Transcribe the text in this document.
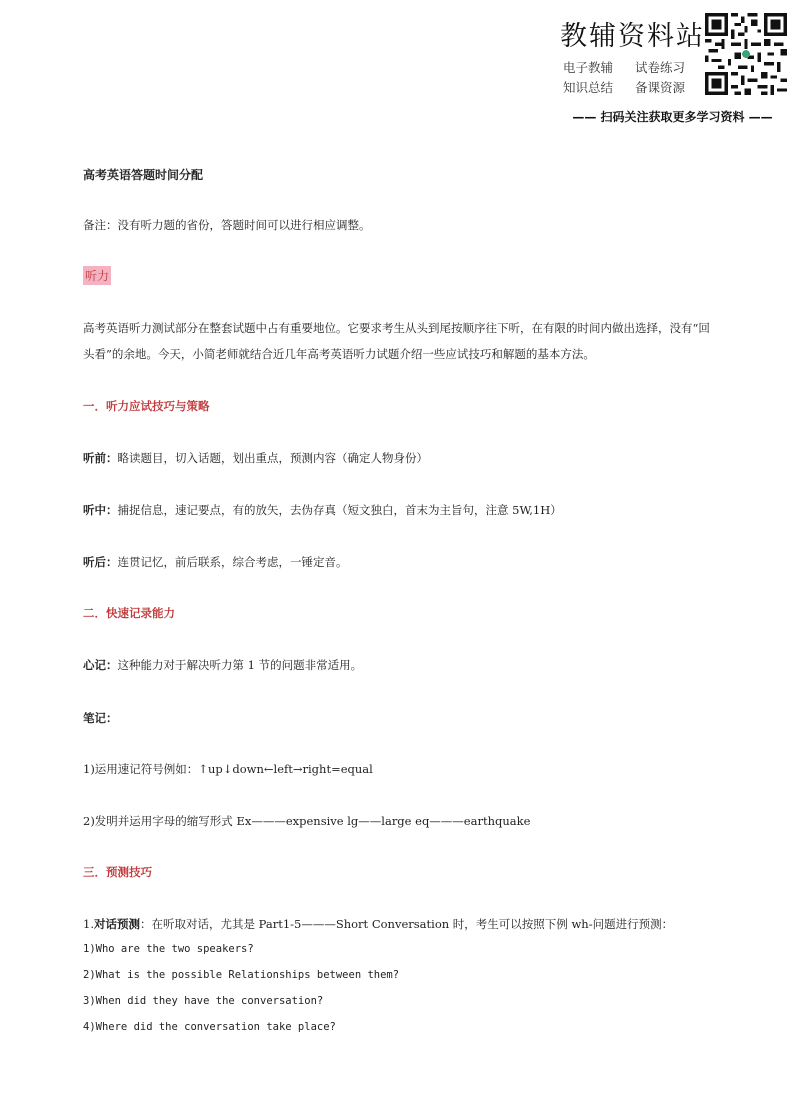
教辅资料站
电子教辅	试卷练习
知识总结	备课资源
—— 扫码关注获取更多学习资料 ——
高考英语答题时间分配
备注：没有听力题的省份，答题时间可以进行相应调整。
听力
高考英语听力测试部分在整套试题中占有重要地位。它要求考生从头到尾按顺序往下听，在有限的时间内做出选择，没有“回头看”的余地。今天，小简老师就结合近几年高考英语听力试题介绍一些应试技巧和解题的基本方法。
一．听力应试技巧与策略
听前：略读题目，切入话题，划出重点，预测内容（确定人物身份）
听中：捕捉信息，速记要点，有的放矢，去伪存真（短文独白，首末为主旨句，注意 5W,1H）
听后：连贯记忆，前后联系，综合考虑，一锤定音。
二．快速记录能力
心记：这种能力对于解决听力第 1 节的问题非常适用。
笔记：
1)运用速记符号例如：↑up↓down←left→right=equal
2)发明并运用字母的缩写形式 Ex———expensive lg——large eq———earthquake
三．预测技巧
1.对话预测：在听取对话，尤其是 Part1-5———Short Conversation 时，考生可以按照下例 wh-问题进行预测：
1)Who are the two speakers?
2)What is the possible Relationships between them?
3)When did they have the conversation?
4)Where did the conversation take place?
